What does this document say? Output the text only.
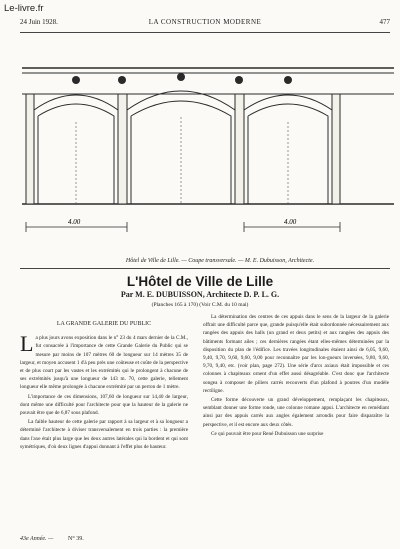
Le-livre.fr
24 Juin 1928.	LA CONSTRUCTION MODERNE	477
4.00	4.00
Hôtel de Ville de Lille. — Coupe transversale. — M. E. Dubuisson, Architecte.
L'Hôtel de Ville de Lille
Par M. E. DUBUISSON, Architecte D. P. L. G.
(Planches 165 à 170) (Voir C.M. du 10 mai)
LA GRANDE GALERIE DU PUBLIC

La plus jours avons exposition dans le n° 23 du 4 mars dernier de la C.M., fut consacrée à l'importance de cette Grande Galerie du Public qui se mesure par moins de 107 mètres 60 de longueur sur 14 mètres 35 de largeur, et moyen accusent 1 d'à peu près une coûteuse et coûte de la perspective et de plus court par les vastes et les extrémités qui le prolongent à chacune de ses extrémités jusqu'à une longueur de 143 m. 70, cette galerie, tellement longueur elle même prolongée à chacune extrémité par un perron de 1 mètre.

L'importance de ces dimensions, 107,60 de longueur sur 14,40 de largeur, dont même une difficulté pour l'architecte pour que la hauteur de la galerie ne pouvait être que de 6,87 sous plafond.

La faible hauteur de cette galerie par rapport à sa largeur et à sa longueur a déterminé l'architecte à diviser transversalement en trois parties : la première dans l'axe était plus large que les deux autres latérales qui la bordent et qui sont symétriques, d'où deux lignes d'appui donnant à l'effet plus de hauteur.

La détermination des centres de ces appuis dans le sens de la largeur de la galerie offrait une difficulté parce que, grande puisqu'elle était subordonnée nécessairement aux rangées des appuis des halls (un grand et deux petits) et aux rangées des appuis des bâtiments formant ailes ; ces dernières rangées étant elles-mêmes déterminées par la disposition du plan de l'édifice. Les travées longitudinales étaient ainsi de 6,05, 9,60, 9,40, 9,70, 9,60, 9,60, 9,00 pour reconnaître par les lon-gueurs inversées, 9,80, 9,60, 9,70, 9,40, etc. (voir plan, page 272). Une série d'arcs axiaux était impossible et ces colonnes à chapiteaux ornent d'un effet aussi désagréable. C'est donc que l'architecte songea à composer de piliers carrés recouverts d'un plafond à poutres d'un modèle rectiligne.

Cette forme découverte un grand développement, remplaçant les chapiteaux, semblant donner une forme ronde, une colonne romane appui. L'architecte en remédiant ainsi par des appuis carrés aux angles également arrondis pour faire disparaître la perspective, et il est encore aux deux côtés.

Ce qui pouvait être pour René Dubuisson une surprise

43e Année. — N° 39.
